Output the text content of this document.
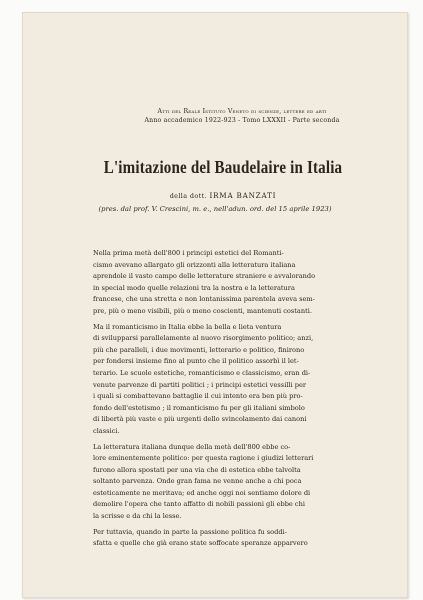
Atti del Reale Istituto Veneto di scienze, lettere ed arti
Anno accademico 1922-923 - Tomo LXXXII - Parte seconda
L'imitazione del Baudelaire in Italia
della dott. IRMA BANZATI
(pres. dal prof. V. Crescini, m. e., nell'adun. ord. del 15 aprile 1923)

Nella prima metà dell'800 i principi estetici del Romanti-
cismo avevano allargato gli orizzonti alla letteratura italiana
aprendole il vasto campo delle letterature straniere e avvalorando
in special modo quelle relazioni tra la nostra e la letteratura
francese, che una stretta e non lontanissima parentela aveva sem-
pre, più o meno visibili, più o meno coscienti, mantenuti costanti.

Ma il romanticismo in Italia ebbe la bella e lieta ventura
di svilupparsi parallelamente al nuovo risorgimento politico; anzi,
più che paralleli, i due movimenti, letterario e politico, finirono
per fondersi insieme fino al punto che il politico assorbì il let-
terario. Le scuole estetiche, romanticismo e classicismo, eran di-
venute parvenze di partiti politici ; i principi estetici vessilli per
i quali si combattevano battaglie il cui intento era ben più pro-
fondo dell'estetismo ; il romanticismo fu per gli italiani simbolo
di libertà più vaste e più urgenti dello svincolamento dai canoni
classici.

La letteratura italiana dunque della metà dell'800 ebbe co-
lore eminentemente politico: per questa ragione i giudizi letterari
furono allora spostati per una via che di estetica ebbe talvolta
soltanto parvenza. Onde gran fama ne venne anche a chi poca
esteticamente ne meritava; ed anche oggi noi sentiamo dolore di
demolire l'opera che tanto affatto di nobili passioni gli ebbe chi
la scrisse e da chi la lesse.

Per tuttavia, quando in parte la passione politica fu soddi-
sfatta e quelle che già erano state soffocate speranze apparvero
